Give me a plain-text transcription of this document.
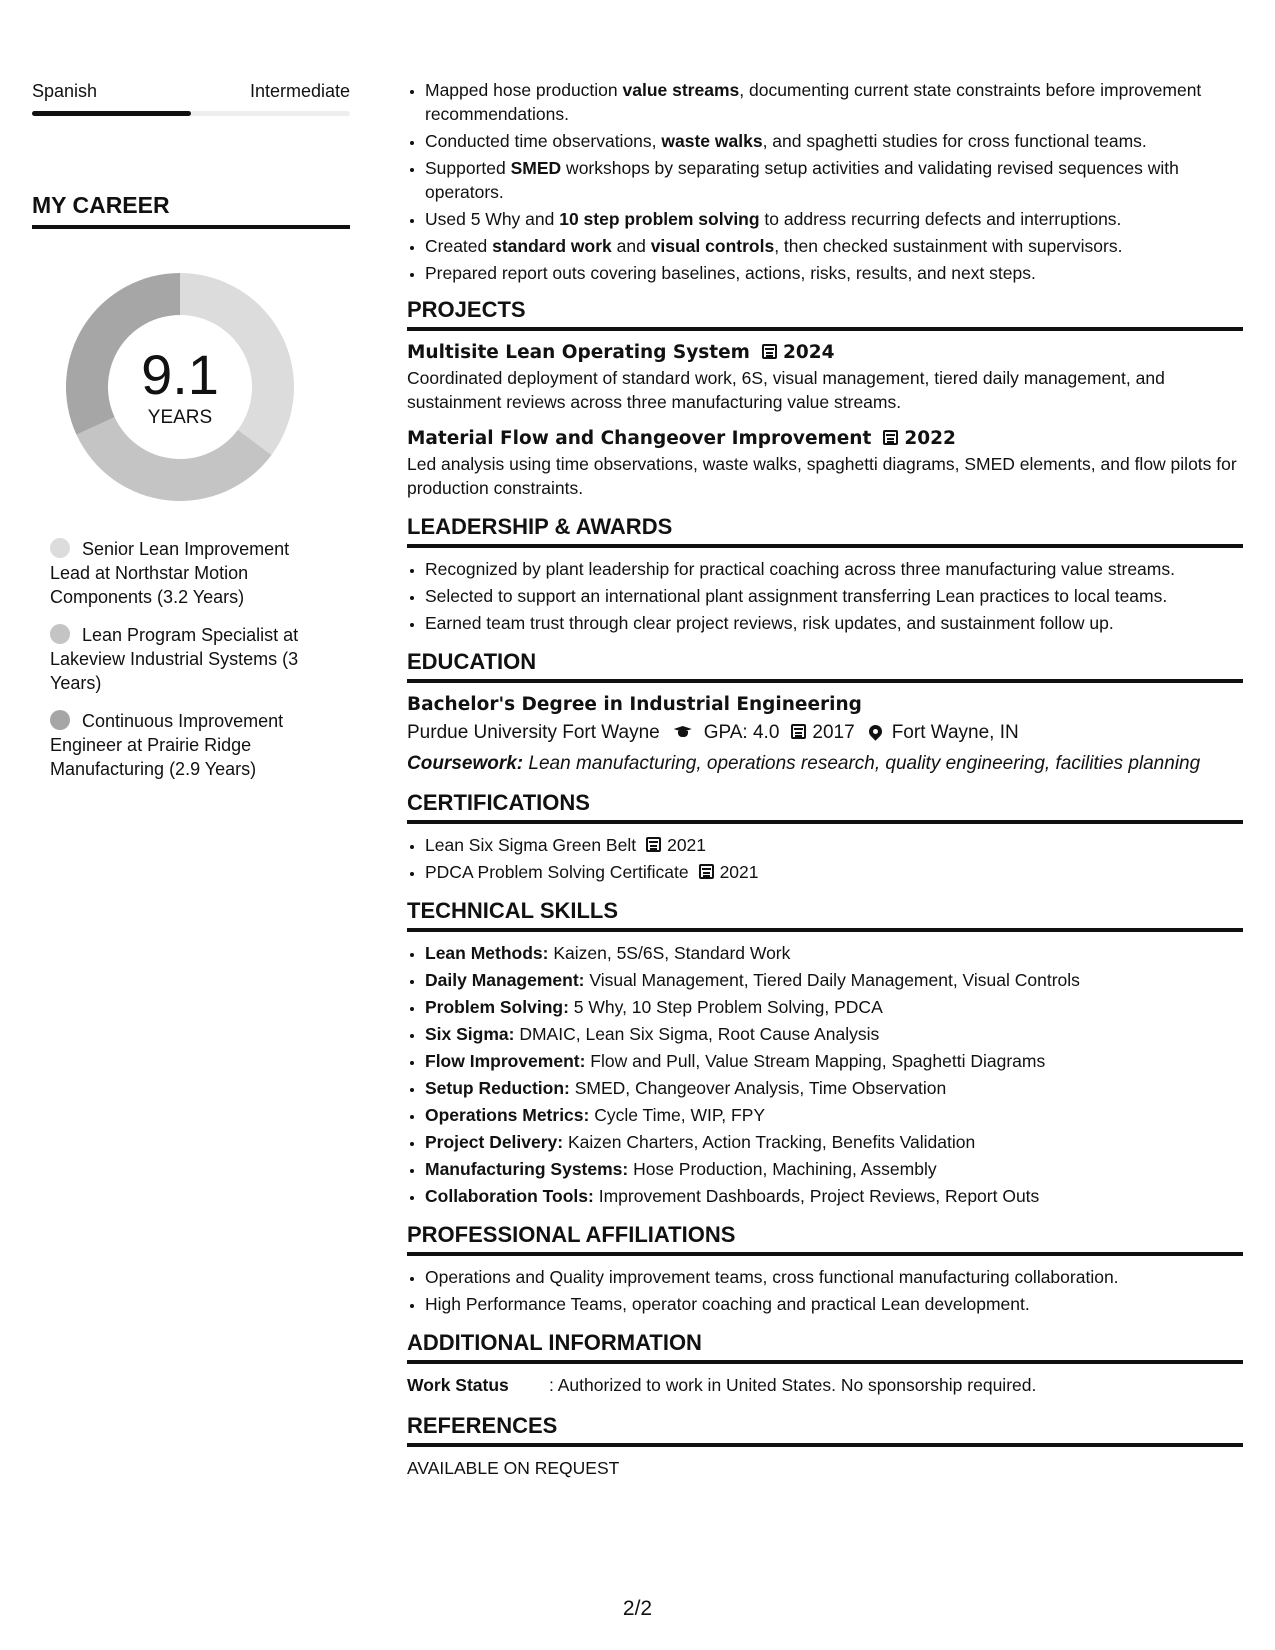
Spanish	Intermediate
MY CAREER
9.1
YEARS
Senior Lean Improvement Lead at Northstar Motion Components (3.2 Years)
Lean Program Specialist at Lakeview Industrial Systems (3 Years)
Continuous Improvement Engineer at Prairie Ridge Manufacturing (2.9 Years)
• Mapped hose production value streams, documenting current state constraints before improvement recommendations.
• Conducted time observations, waste walks, and spaghetti studies for cross functional teams.
• Supported SMED workshops by separating setup activities and validating revised sequences with operators.
• Used 5 Why and 10 step problem solving to address recurring defects and interruptions.
• Created standard work and visual controls, then checked sustainment with supervisors.
• Prepared report outs covering baselines, actions, risks, results, and next steps.
PROJECTS
Multisite Lean Operating System 2024
Coordinated deployment of standard work, 6S, visual management, tiered daily management, and sustainment reviews across three manufacturing value streams.
Material Flow and Changeover Improvement 2022
Led analysis using time observations, waste walks, spaghetti diagrams, SMED elements, and flow pilots for production constraints.
LEADERSHIP & AWARDS
• Recognized by plant leadership for practical coaching across three manufacturing value streams.
• Selected to support an international plant assignment transferring Lean practices to local teams.
• Earned team trust through clear project reviews, risk updates, and sustainment follow up.
EDUCATION
Bachelor's Degree in Industrial Engineering
Purdue University Fort Wayne GPA: 4.0 2017 Fort Wayne, IN
Coursework: Lean manufacturing, operations research, quality engineering, facilities planning
CERTIFICATIONS
• Lean Six Sigma Green Belt 2021
• PDCA Problem Solving Certificate 2021
TECHNICAL SKILLS
• Lean Methods: Kaizen, 5S/6S, Standard Work
• Daily Management: Visual Management, Tiered Daily Management, Visual Controls
• Problem Solving: 5 Why, 10 Step Problem Solving, PDCA
• Six Sigma: DMAIC, Lean Six Sigma, Root Cause Analysis
• Flow Improvement: Flow and Pull, Value Stream Mapping, Spaghetti Diagrams
• Setup Reduction: SMED, Changeover Analysis, Time Observation
• Operations Metrics: Cycle Time, WIP, FPY
• Project Delivery: Kaizen Charters, Action Tracking, Benefits Validation
• Manufacturing Systems: Hose Production, Machining, Assembly
• Collaboration Tools: Improvement Dashboards, Project Reviews, Report Outs
PROFESSIONAL AFFILIATIONS
• Operations and Quality improvement teams, cross functional manufacturing collaboration.
• High Performance Teams, operator coaching and practical Lean development.
ADDITIONAL INFORMATION
Work Status	: Authorized to work in United States. No sponsorship required.
REFERENCES
AVAILABLE ON REQUEST
2/2
